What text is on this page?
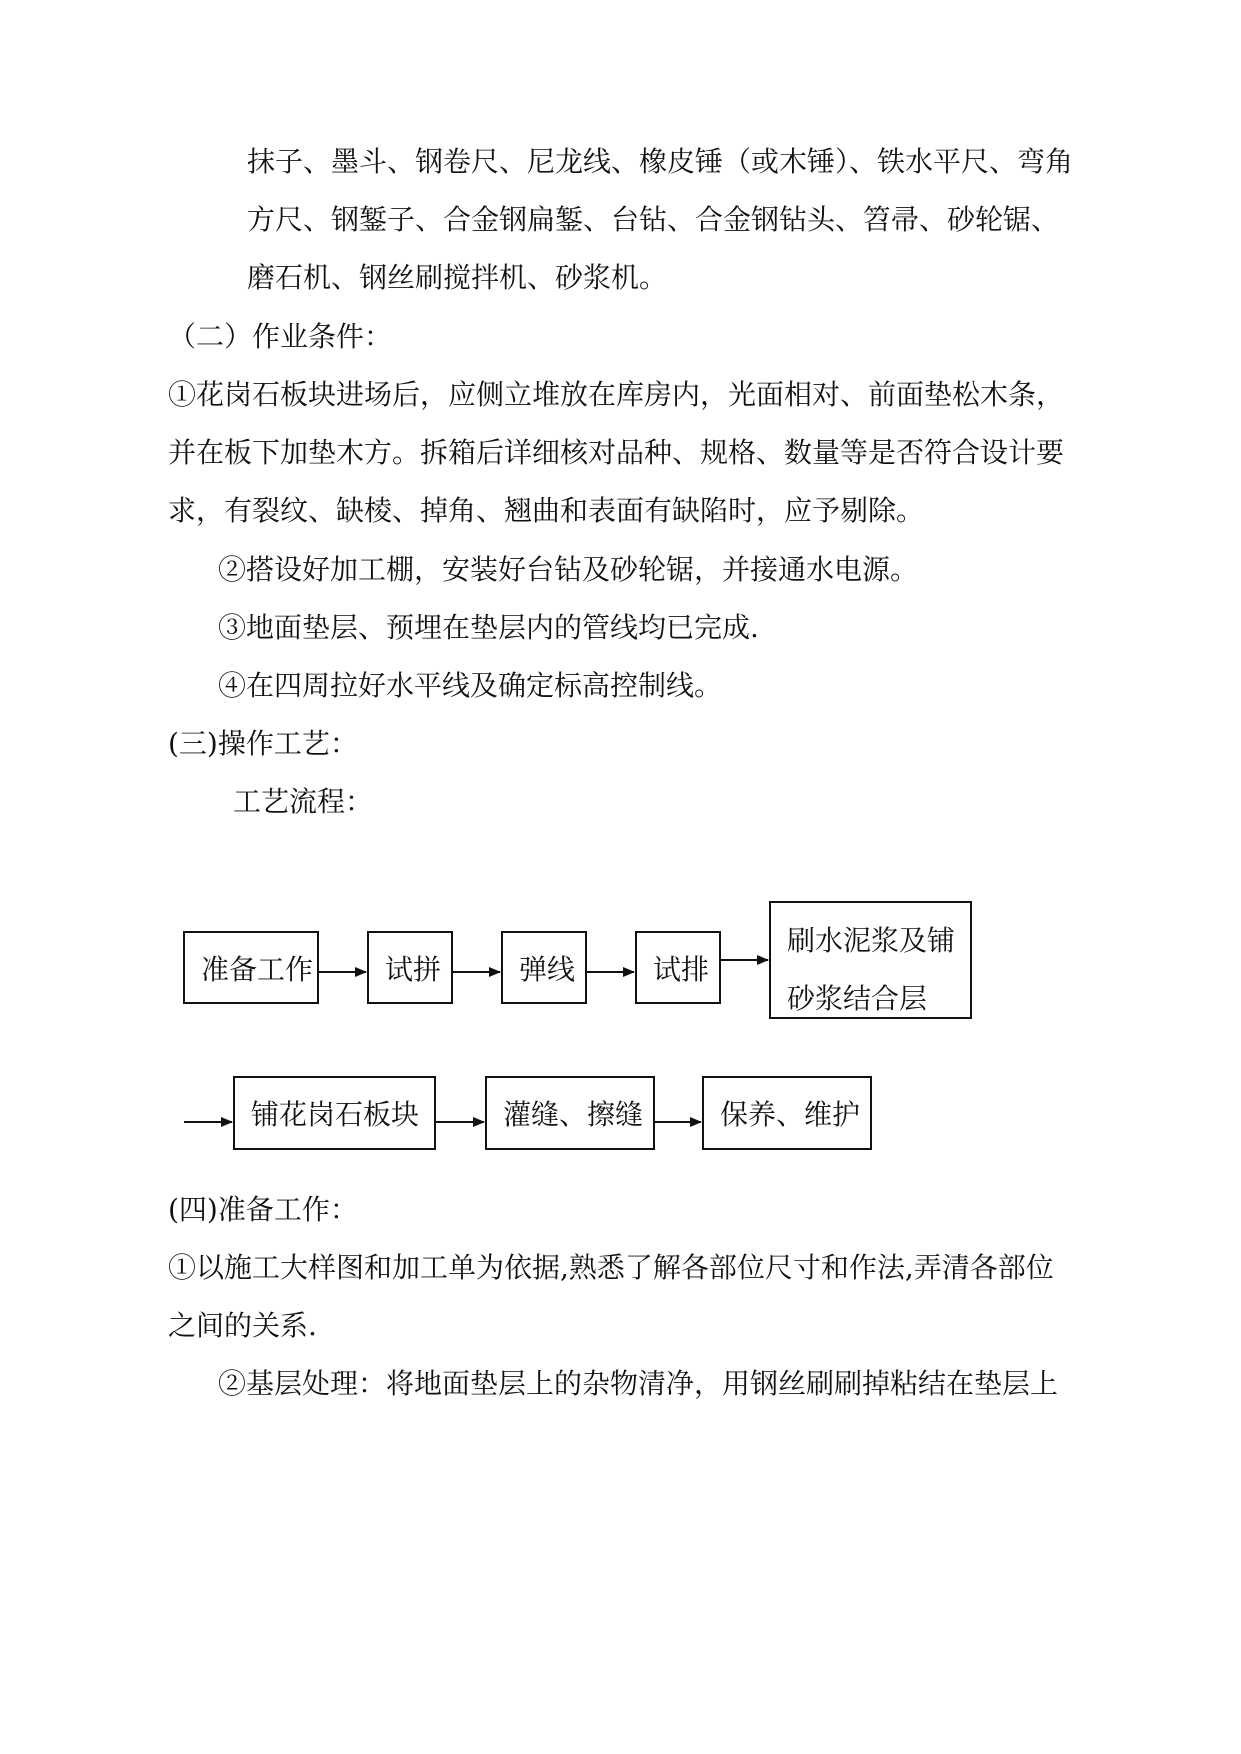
抹子、墨斗、钢卷尺、尼龙线、橡皮锤（或木锤）、铁水平尺、弯角
方尺、钢錾子、合金钢扁錾、台钻、合金钢钻头、笤帚、砂轮锯、
磨石机、钢丝刷搅拌机、砂浆机。
（二）作业条件：
①花岗石板块进场后，应侧立堆放在库房内，光面相对、前面垫松木条，
并在板下加垫木方。拆箱后详细核对品种、规格、数量等是否符合设计要
求，有裂纹、缺棱、掉角、翘曲和表面有缺陷时，应予剔除。
②搭设好加工棚，安装好台钻及砂轮锯，并接通水电源。
③地面垫层、预埋在垫层内的管线均已完成.
④在四周拉好水平线及确定标高控制线。
(三)操作工艺：
工艺流程：
准备工作	试拼	弹线	试排
刷水泥浆及铺
砂浆结合层
铺花岗石板块	灌缝、擦缝	保养、维护
(四)准备工作：
①以施工大样图和加工单为依据,熟悉了解各部位尺寸和作法,弄清各部位
之间的关系.
②基层处理：将地面垫层上的杂物清净，用钢丝刷刷掉粘结在垫层上
